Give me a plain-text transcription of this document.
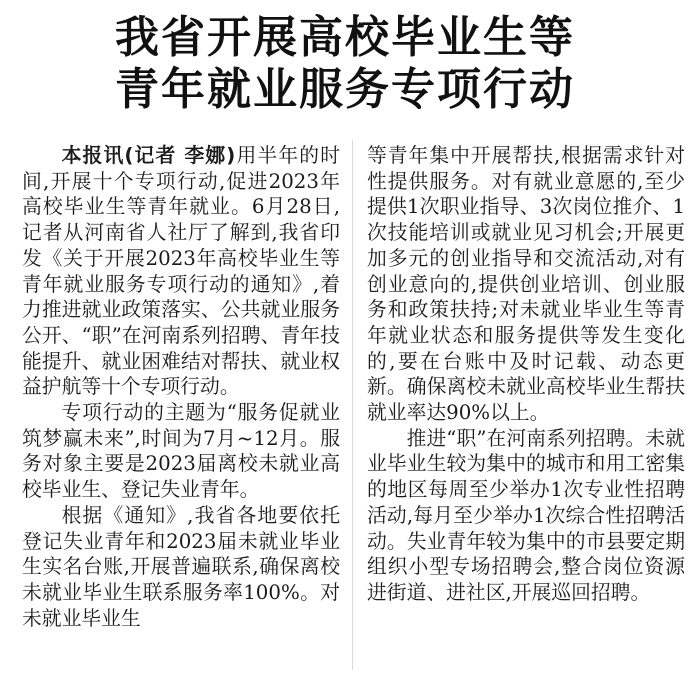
我省开展高校毕业生等
青年就业服务专项行动

本报讯(记者 李娜)用半年的时间,开展十个专项行动,促进2023年高校毕业生等青年就业。6月28日,记者从河南省人社厅了解到,我省印发《关于开展2023年高校毕业生等青年就业服务专项行动的通知》,着力推进就业政策落实、公共就业服务公开、“职”在河南系列招聘、青年技能提升、就业困难结对帮扶、就业权益护航等十个专项行动。

专项行动的主题为“服务促就业 筑梦赢未来”,时间为7月~12月。服务对象主要是2023届离校未就业高校毕业生、登记失业青年。

根据《通知》,我省各地要依托登记失业青年和2023届未就业毕业生实名台账,开展普遍联系,确保离校未就业毕业生联系服务率100%。对未就业毕业生

等青年集中开展帮扶,根据需求针对性提供服务。对有就业意愿的,至少提供1次职业指导、3次岗位推介、1次技能培训或就业见习机会;开展更加多元的创业指导和交流活动,对有创业意向的,提供创业培训、创业服务和政策扶持;对未就业毕业生等青年就业状态和服务提供等发生变化的,要在台账中及时记载、动态更新。确保离校未就业高校毕业生帮扶就业率达90%以上。

推进“职”在河南系列招聘。未就业毕业生较为集中的城市和用工密集的地区每周至少举办1次专业性招聘活动,每月至少举办1次综合性招聘活动。失业青年较为集中的市县要定期组织小型专场招聘会,整合岗位资源进街道、进社区,开展巡回招聘。
